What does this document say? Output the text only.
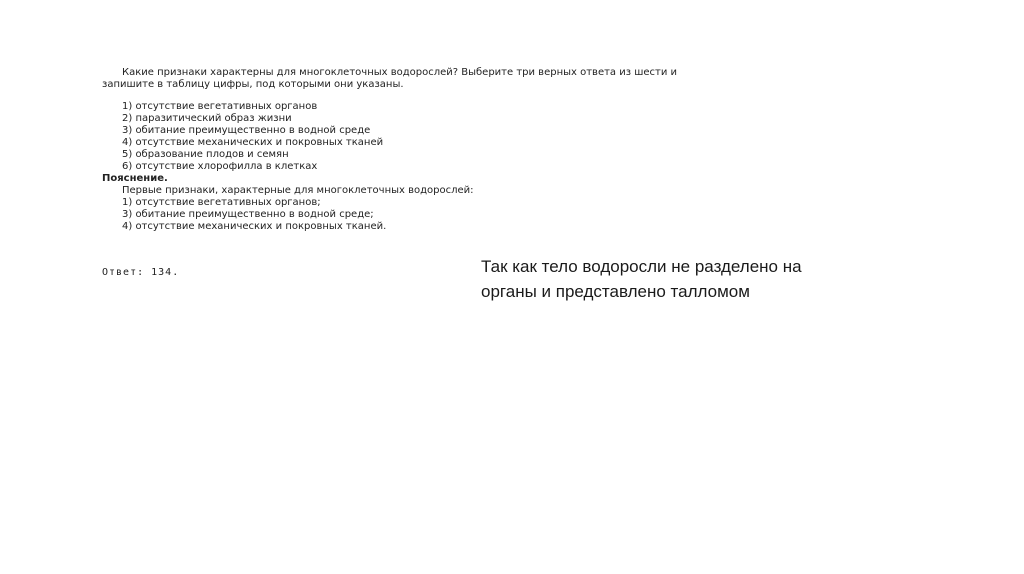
Какие признаки характерны для многоклеточных водорослей? Выберите три верных ответа из шести и запишите в таблицу цифры, под которыми они указаны.

1) отсутствие вегетативных органов
2) паразитический образ жизни
3) обитание преимущественно в водной среде
4) отсутствие механических и покровных тканей
5) образование плодов и семян
6) отсутствие хлорофилла в клетках

Пояснение.

Первые признаки, характерные для многоклеточных водорослей:
1) отсутствие вегетативных органов;
3) обитание преимущественно в водной среде;
4) отсутствие механических и покровных тканей.
Ответ: 134.	Так как тело водоросли не разделено на
органы и представлено талломом
